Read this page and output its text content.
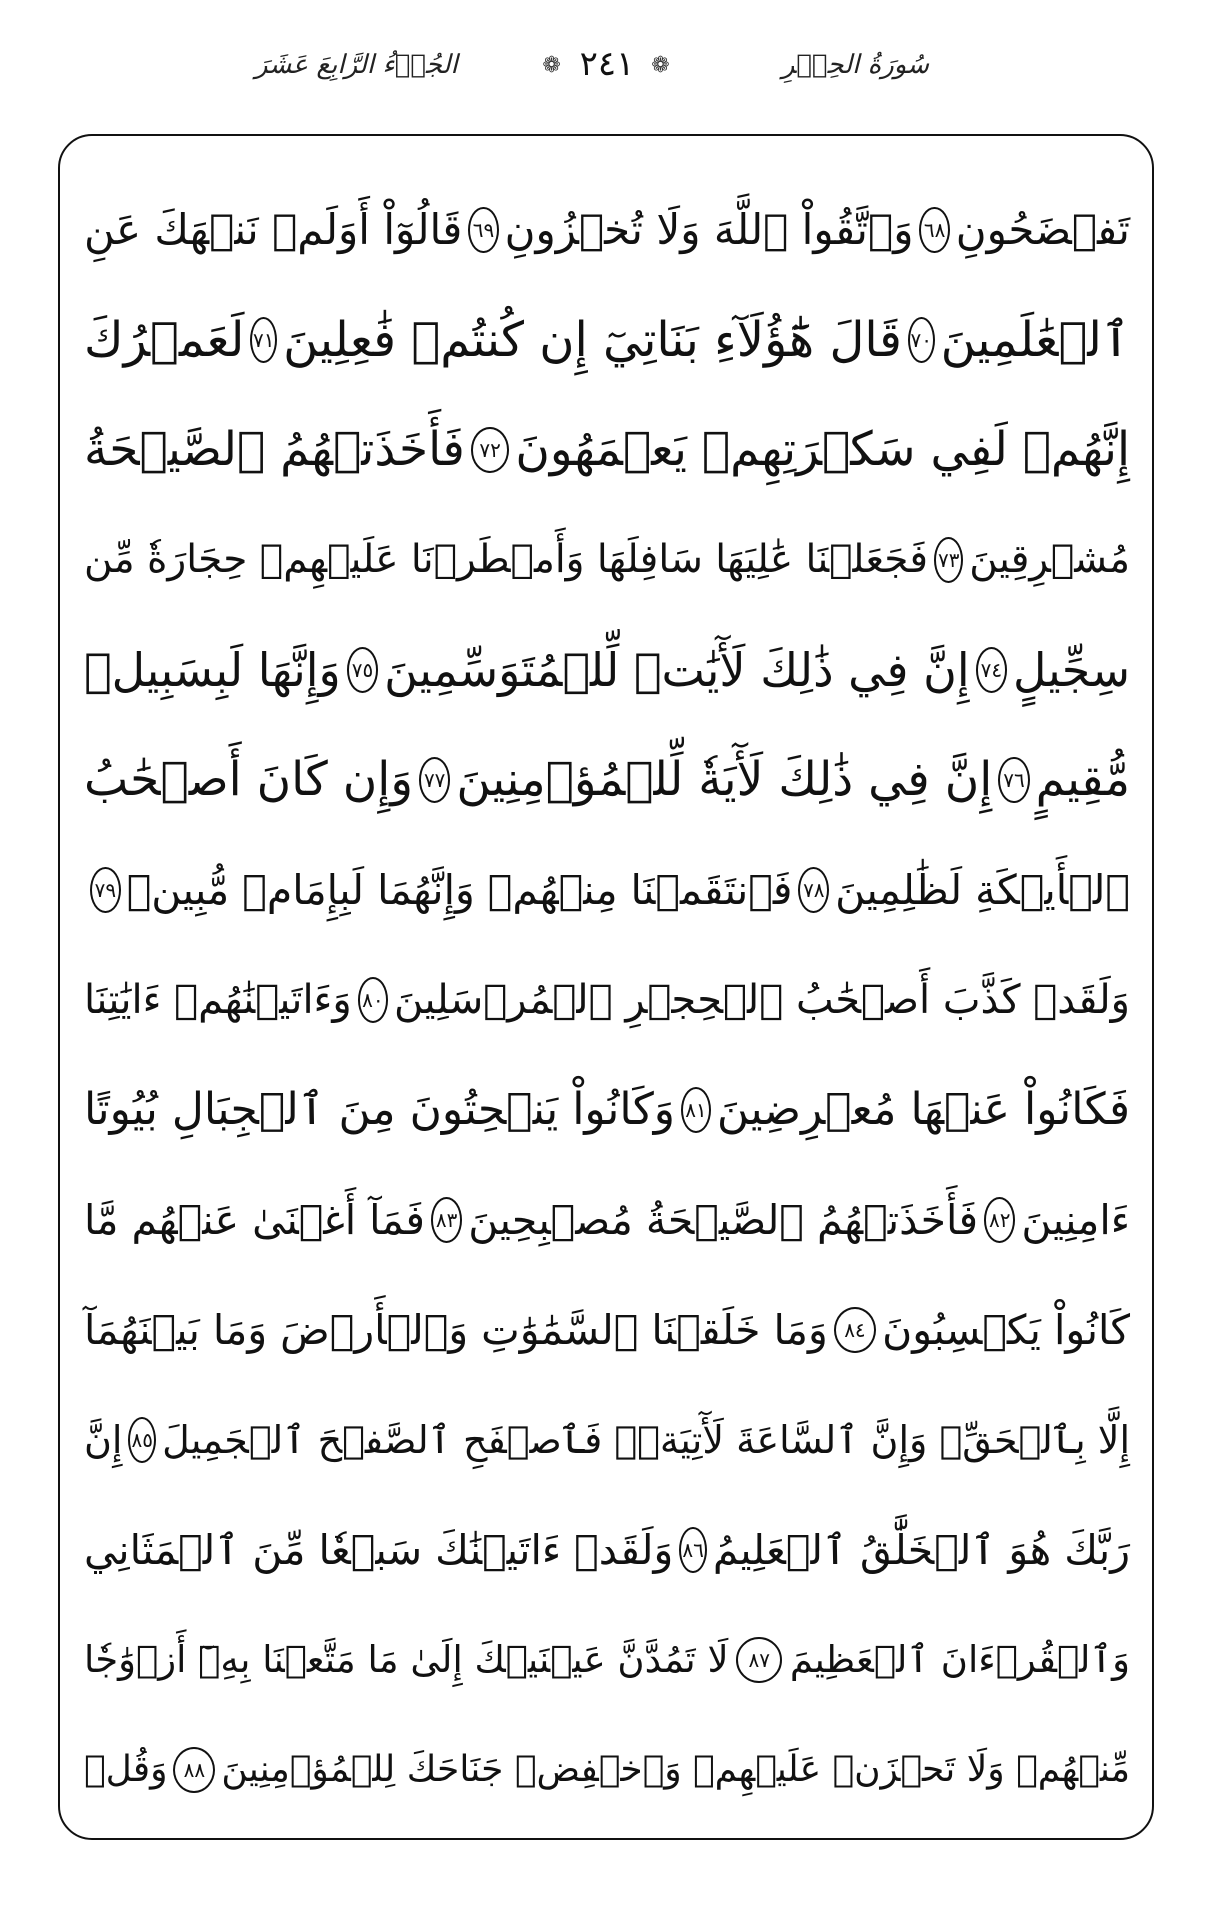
سُورَةُ الحِجۡرِ
❁ ٢٤١ ❁
الجُزۡءُ الرَّابِعَ عَشَرَ
تَفۡضَحُونِ
٦٨
وَٱتَّقُواْ ٱللَّهَ وَلَا تُخۡزُونِ
٦٩
قَالُوٓاْ أَوَلَمۡ نَنۡهَكَ عَنِ
ٱلۡعَٰلَمِينَ
٧٠
قَالَ هَٰٓؤُلَآءِ بَنَاتِيٓ إِن كُنتُمۡ فَٰعِلِينَ
٧١
لَعَمۡرُكَ
إِنَّهُمۡ لَفِي سَكۡرَتِهِمۡ يَعۡمَهُونَ
٧٢
فَأَخَذَتۡهُمُ ٱلصَّيۡحَةُ
مُشۡرِقِينَ
٧٣
فَجَعَلۡنَا عَٰلِيَهَا سَافِلَهَا وَأَمۡطَرۡنَا عَلَيۡهِمۡ حِجَارَةٗ مِّن
سِجِّيلٍ
٧٤
إِنَّ فِي ذَٰلِكَ لَأٓيَٰتٖ لِّلۡمُتَوَسِّمِينَ
٧٥
وَإِنَّهَا لَبِسَبِيلٖ
مُّقِيمٍ
٧٦
إِنَّ فِي ذَٰلِكَ لَأٓيَةٗ لِّلۡمُؤۡمِنِينَ
٧٧
وَإِن كَانَ أَصۡحَٰبُ
ٱلۡأَيۡكَةِ لَظَٰلِمِينَ
٧٨
فَٱنتَقَمۡنَا مِنۡهُمۡ وَإِنَّهُمَا لَبِإِمَامٖ مُّبِينٖ
٧٩
وَلَقَدۡ كَذَّبَ أَصۡحَٰبُ ٱلۡحِجۡرِ ٱلۡمُرۡسَلِينَ
٨٠
وَءَاتَيۡنَٰهُمۡ ءَايَٰتِنَا
فَكَانُواْ عَنۡهَا مُعۡرِضِينَ
٨١
وَكَانُواْ يَنۡحِتُونَ مِنَ ٱلۡجِبَالِ بُيُوتًا
ءَامِنِينَ
٨٢
فَأَخَذَتۡهُمُ ٱلصَّيۡحَةُ مُصۡبِحِينَ
٨٣
فَمَآ أَغۡنَىٰ عَنۡهُم مَّا
كَانُواْ يَكۡسِبُونَ
٨٤
وَمَا خَلَقۡنَا ٱلسَّمَٰوَٰتِ وَٱلۡأَرۡضَ وَمَا بَيۡنَهُمَآ
إِلَّا بِٱلۡحَقِّۗ وَإِنَّ ٱلسَّاعَةَ لَأٓتِيَةٞۖ فَٱصۡفَحِ ٱلصَّفۡحَ ٱلۡجَمِيلَ
٨٥
إِنَّ
رَبَّكَ هُوَ ٱلۡخَلَّٰقُ ٱلۡعَلِيمُ
٨٦
وَلَقَدۡ ءَاتَيۡنَٰكَ سَبۡعٗا مِّنَ ٱلۡمَثَانِي
وَٱلۡقُرۡءَانَ ٱلۡعَظِيمَ
٨٧
لَا تَمُدَّنَّ عَيۡنَيۡكَ إِلَىٰ مَا مَتَّعۡنَا بِهِۦٓ أَزۡوَٰجٗا
مِّنۡهُمۡ وَلَا تَحۡزَنۡ عَلَيۡهِمۡ وَٱخۡفِضۡ جَنَاحَكَ لِلۡمُؤۡمِنِينَ
٨٨
وَقُلۡ
